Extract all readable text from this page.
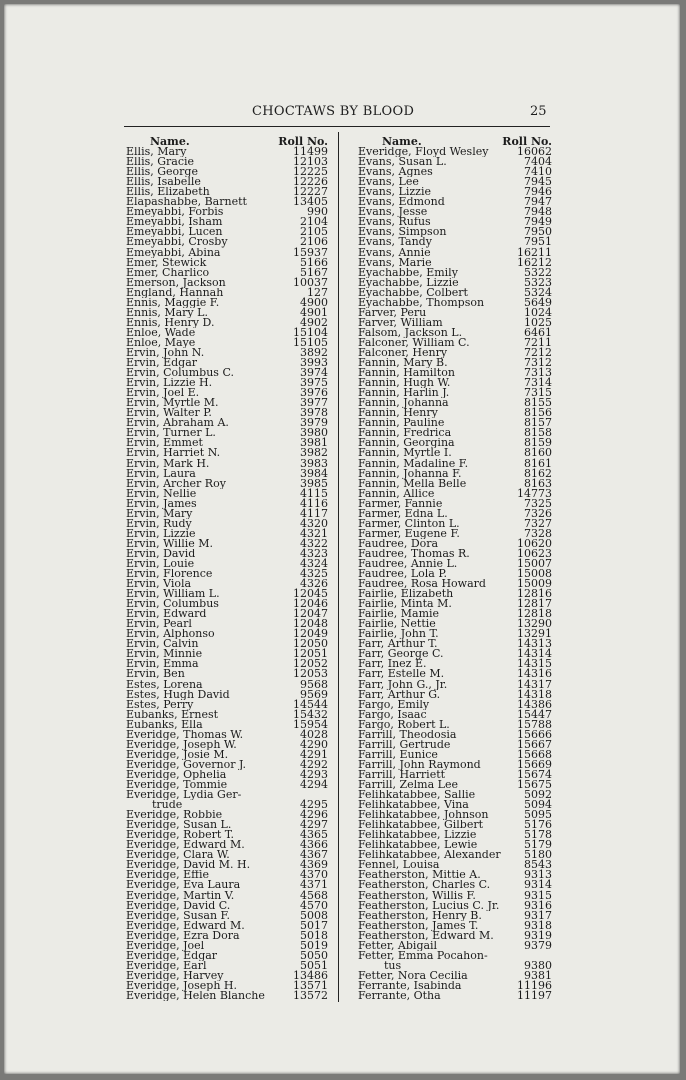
CHOCTAWS BY BLOOD	25
Name.	Roll No.
Ellis, Mary	11499
Ellis, Gracie	12103
Ellis, George	12225
Ellis, Isabelle	12226
Ellis, Elizabeth	12227
Elapashabbe, Barnett	13405
Emeyabbi, Forbis	990
Emeyabbi, Isham	2104
Emeyabbi, Lucen	2105
Emeyabbi, Crosby	2106
Emeyabbi, Abina	15937
Emer, Stewick	5166
Emer, Charlico	5167
Emerson, Jackson	10037
England, Hannah	127
Ennis, Maggie F.	4900
Ennis, Mary L.	4901
Ennis, Henry D.	4902
Enloe, Wade	15104
Enloe, Maye	15105
Ervin, John N.	3892
Ervin, Edgar	3993
Ervin, Columbus C.	3974
Ervin, Lizzie H.	3975
Ervin, Joel E.	3976
Ervin, Myrtle M.	3977
Ervin, Walter P.	3978
Ervin, Abraham A.	3979
Ervin, Turner L.	3980
Ervin, Emmet	3981
Ervin, Harriet N.	3982
Ervin, Mark H.	3983
Ervin, Laura	3984
Ervin, Archer Roy	3985
Ervin, Nellie	4115
Ervin, James	4116
Ervin, Mary	4117
Ervin, Rudy	4320
Ervin, Lizzie	4321
Ervin, Willie M.	4322
Ervin, David	4323
Ervin, Louie	4324
Ervin, Florence	4325
Ervin, Viola	4326
Ervin, William L.	12045
Ervin, Columbus	12046
Ervin, Edward	12047
Ervin, Pearl	12048
Ervin, Alphonso	12049
Ervin, Calvin	12050
Ervin, Minnie	12051
Ervin, Emma	12052
Ervin, Ben	12053
Estes, Lorena	9568
Estes, Hugh David	9569
Estes, Perry	14544
Eubanks, Ernest	15432
Eubanks, Ella	15954
Everidge, Thomas W.	4028
Everidge, Joseph W.	4290
Everidge, Josie M.	4291
Everidge, Governor J.	4292
Everidge, Ophelia	4293
Everidge, Tommie	4294
Everidge, Lydia Ger-
trude	4295
Everidge, Robbie	4296
Everidge, Susan L.	4297
Everidge, Robert T.	4365
Everidge, Edward M.	4366
Everidge, Clara W.	4367
Everidge, David M. H.	4369
Everidge, Effie	4370
Everidge, Eva Laura	4371
Everidge, Martin V.	4568
Everidge, David C.	4570
Everidge, Susan F.	5008
Everidge, Edward M.	5017
Everidge, Ezra Dora	5018
Everidge, Joel	5019
Everidge, Edgar	5050
Everidge, Earl	5051
Everidge, Harvey	13486
Everidge, Joseph H.	13571
Everidge, Helen Blanche	13572
Name.	Roll No.
Everidge, Floyd Wesley	16062
Evans, Susan L.	7404
Evans, Agnes	7410
Evans, Lee	7945
Evans, Lizzie	7946
Evans, Edmond	7947
Evans, Jesse	7948
Evans, Rufus	7949
Evans, Simpson	7950
Evans, Tandy	7951
Evans, Annie	16211
Evans, Marie	16212
Eyachabbe, Emily	5322
Eyachabbe, Lizzie	5323
Eyachabbe, Colbert	5324
Eyachabbe, Thompson	5649
Farver, Peru	1024
Farver, William	1025
Falsom, Jackson L.	6461
Falconer, William C.	7211
Falconer, Henry	7212
Fannin, Mary B.	7312
Fannin, Hamilton	7313
Fannin, Hugh W.	7314
Fannin, Harlin J.	7315
Fannin, Johanna	8155
Fannin, Henry	8156
Fannin, Pauline	8157
Fannin, Fredrica	8158
Fannin, Georgina	8159
Fannin, Myrtle I.	8160
Fannin, Madaline F.	8161
Fannin, Johanna F.	8162
Fannin, Mella Belle	8163
Fannin, Allice	14773
Farmer, Fannie	7325
Farmer, Edna L.	7326
Farmer, Clinton L.	7327
Farmer, Eugene F.	7328
Faudree, Dora	10620
Faudree, Thomas R.	10623
Faudree, Annie L.	15007
Faudree, Lola P.	15008
Faudree, Rosa Howard	15009
Fairlie, Elizabeth	12816
Fairlie, Minta M.	12817
Fairlie, Mamie	12818
Fairlie, Nettie	13290
Fairlie, John T.	13291
Farr, Arthur T.	14313
Farr, George C.	14314
Farr, Inez E.	14315
Farr, Estelle M.	14316
Farr, John G., Jr.	14317
Farr, Arthur G.	14318
Fargo, Emily	14386
Fargo, Isaac	15447
Fargo, Robert L.	15788
Farrill, Theodosia	15666
Farrill, Gertrude	15667
Farrill, Eunice	15668
Farrill, John Raymond	15669
Farrill, Harriett	15674
Farrill, Zelma Lee	15675
Felihkatabbee, Sallie	5092
Felihkatabbee, Vina	5094
Felihkatabbee, Johnson	5095
Felihkatabbee, Gilbert	5176
Felihkatabbee, Lizzie	5178
Felihkatabbee, Lewie	5179
Felihkatabbee, Alexander	5180
Fennel, Louisa	8543
Featherston, Mittie A.	9313
Featherston, Charles C.	9314
Featherston, Willis F.	9315
Featherston, Lucius C. Jr.	9316
Featherston, Henry B.	9317
Featherston, James T.	9318
Featherston, Edward M.	9319
Fetter, Abigail	9379
Fetter, Emma Pocahon-
tus	9380
Fetter, Nora Cecilia	9381
Ferrante, Isabinda	11196
Ferrante, Otha	11197
